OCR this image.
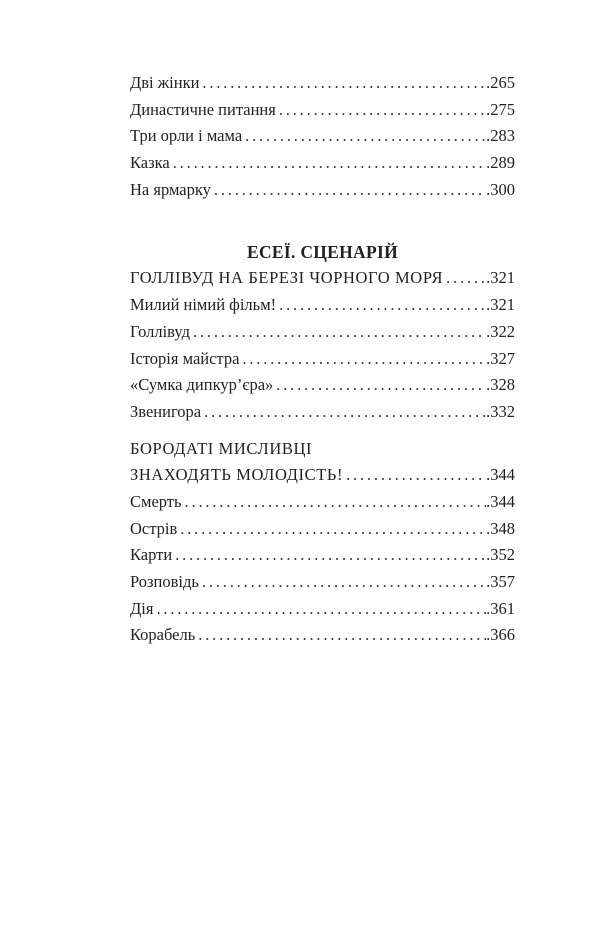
Дві жінки . . .	.265
Династичне питання . . .	.275
Три орли і мама . . .	.283
Казка . . .	.289
На ярмарку . . .	.300
ЕСЕЇ. СЦЕНАРІЙ
ГОЛЛІВУД НА БЕРЕЗІ ЧОРНОГО МОРЯ . . .	.321
Милий німий фільм! . . .	.321
Голлівуд . . .	.322
Історія майстра . . .	.327
«Сумка дипкур’єра» . . .	.328
Звенигора . . .	.332
БОРОДАТІ МИСЛИВЦІ
ЗНАХОДЯТЬ МОЛОДІСТЬ! . . .	.344
Смерть . . .	.344
Острів . . .	.348
Карти . . .	.352
Розповідь . . .	.357
Дія . . .	.361
Корабель . . .	.366
